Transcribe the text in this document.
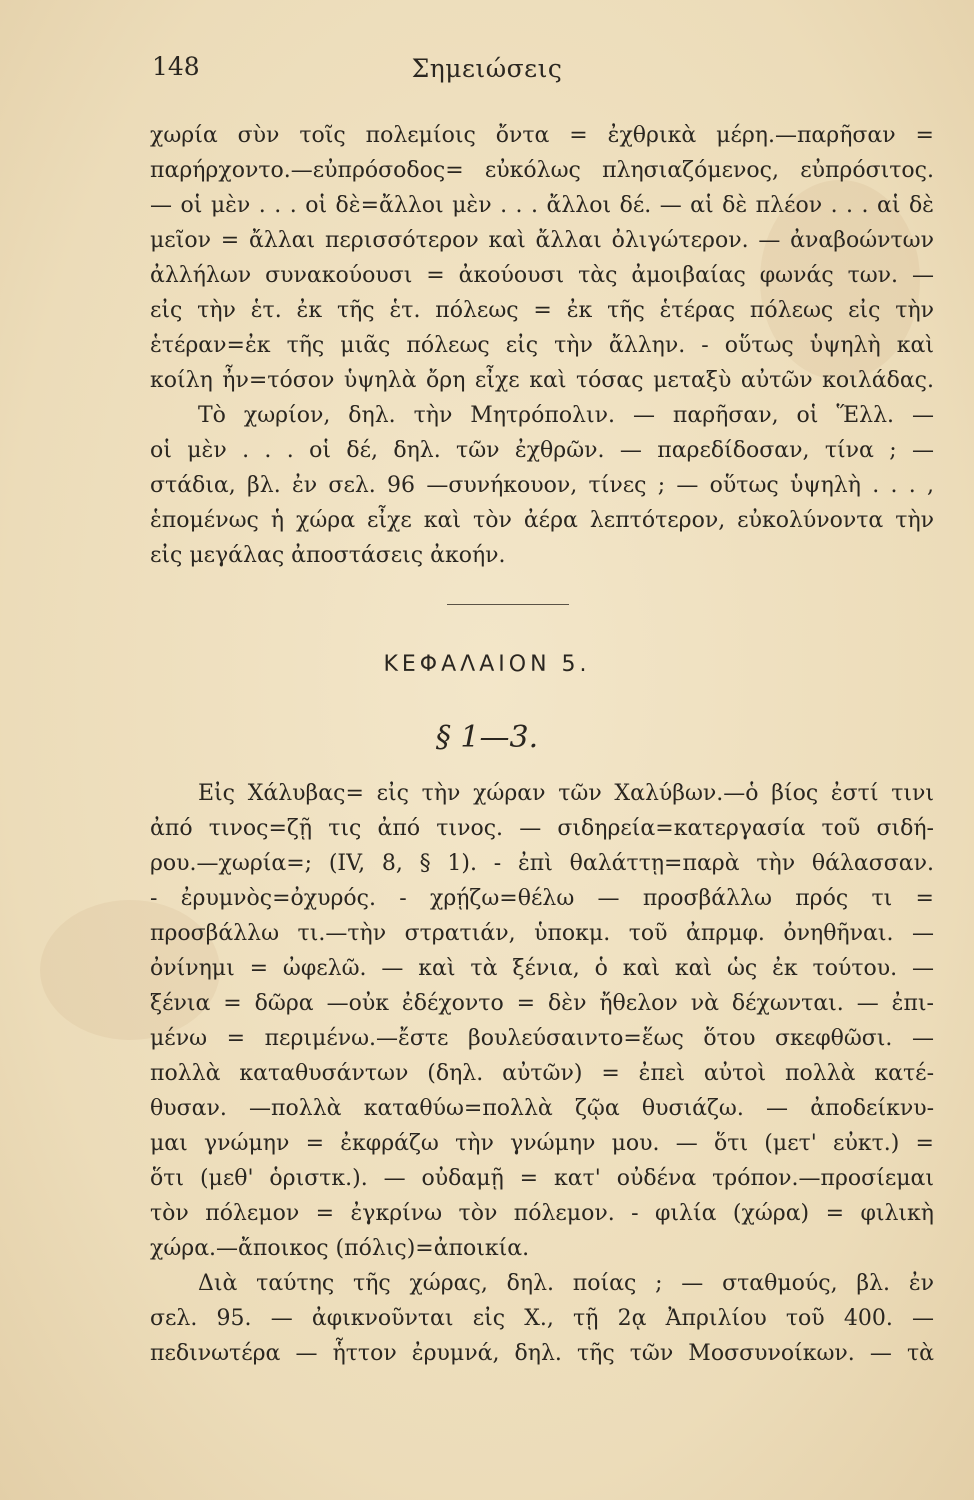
148	Σημειώσεις
χωρία σὺν τοῖς πολεμίοις ὄντα = ἐχθρικὰ μέρη.—παρῆσαν =
παρήρχοντο.—εὐπρόσοδος= εὐκόλως πλησιαζόμενος, εὐπρόσιτος.
— οἱ μὲν . . . οἱ δὲ=ἄλλοι μὲν . . . ἄλλοι δέ. — αἱ δὲ πλέον . . . αἱ δὲ
μεῖον = ἄλλαι περισσότερον καὶ ἄλλαι ὀλιγώτερον. — ἀναβοώντων
ἀλλήλων συνακούουσι = ἀκούουσι τὰς ἀμοιβαίας φωνάς των. —
εἰς τὴν ἑτ. ἐκ τῆς ἑτ. πόλεως = ἐκ τῆς ἑτέρας πόλεως εἰς τὴν
ἑτέραν=ἐκ τῆς μιᾶς πόλεως εἰς τὴν ἄλλην. - οὕτως ὑψηλὴ καὶ
κοίλη ἦν=τόσον ὑψηλὰ ὄρη εἶχε καὶ τόσας μεταξὺ αὐτῶν κοιλάδας.
Τὸ χωρίον, δηλ. τὴν Μητρόπολιν. — παρῆσαν, οἱ Ἕλλ. —
οἱ μὲν . . . οἱ δέ, δηλ. τῶν ἐχθρῶν. — παρεδίδοσαν, τίνα ; —
στάδια, βλ. ἐν σελ. 96 —συνήκουον, τίνες ; — οὕτως ὑψηλὴ . . . ,
ἑπομένως ἡ χώρα εἶχε καὶ τὸν ἀέρα λεπτότερον, εὐκολύνοντα τὴν
εἰς μεγάλας ἀποστάσεις ἀκοήν.
ΚΕΦΑΛΑΙΟΝ 5.
§ 1—3.
Εἰς Χάλυβας= εἰς τὴν χώραν τῶν Χαλύβων.—ὁ βίος ἐστί τινι
ἀπό τινος=ζῇ τις ἀπό τινος. — σιδηρεία=κατεργασία τοῦ σιδή-
ρου.—χωρία=; (IV, 8, § 1). - ἐπὶ θαλάττῃ=παρὰ τὴν θάλασσαν.
- ἐρυμνὸς=ὀχυρός. - χρῄζω=θέλω — προσβάλλω πρός τι =
προσβάλλω τι.—τὴν στρατιάν, ὑποκμ. τοῦ ἀπρμφ. ὀνηθῆναι. —
ὀνίνημι = ὠφελῶ. — καὶ τὰ ξένια, ὁ καὶ καὶ ὡς ἐκ τούτου. —
ξένια = δῶρα —οὐκ ἐδέχοντο = δὲν ἤθελον νὰ δέχωνται. — ἐπι-
μένω = περιμένω.—ἔστε βουλεύσαιντο=ἕως ὅτου σκεφθῶσι. —
πολλὰ καταθυσάντων (δηλ. αὐτῶν) = ἐπεὶ αὐτοὶ πολλὰ κατέ-
θυσαν. —πολλὰ καταθύω=πολλὰ ζῷα θυσιάζω. — ἀποδείκνυ-
μαι γνώμην = ἐκφράζω τὴν γνώμην μου. — ὅτι (μετ' εὐκτ.) =
ὅτι (μεθ' ὁριστκ.). — οὐδαμῇ = κατ' οὐδένα τρόπον.—προσίεμαι
τὸν πόλεμον = ἐγκρίνω τὸν πόλεμον. - φιλία (χώρα) = φιλικὴ
χώρα.—ἄποικος (πόλις)=ἀποικία.
Διὰ ταύτης τῆς χώρας, δηλ. ποίας ; — σταθμούς, βλ. ἐν
σελ. 95. — ἀφικνοῦνται εἰς Χ., τῇ 2ᾳ Ἀπριλίου τοῦ 400. —
πεδινωτέρα — ἧττον ἐρυμνά, δηλ. τῆς τῶν Μοσσυνοίκων. — τὰ
